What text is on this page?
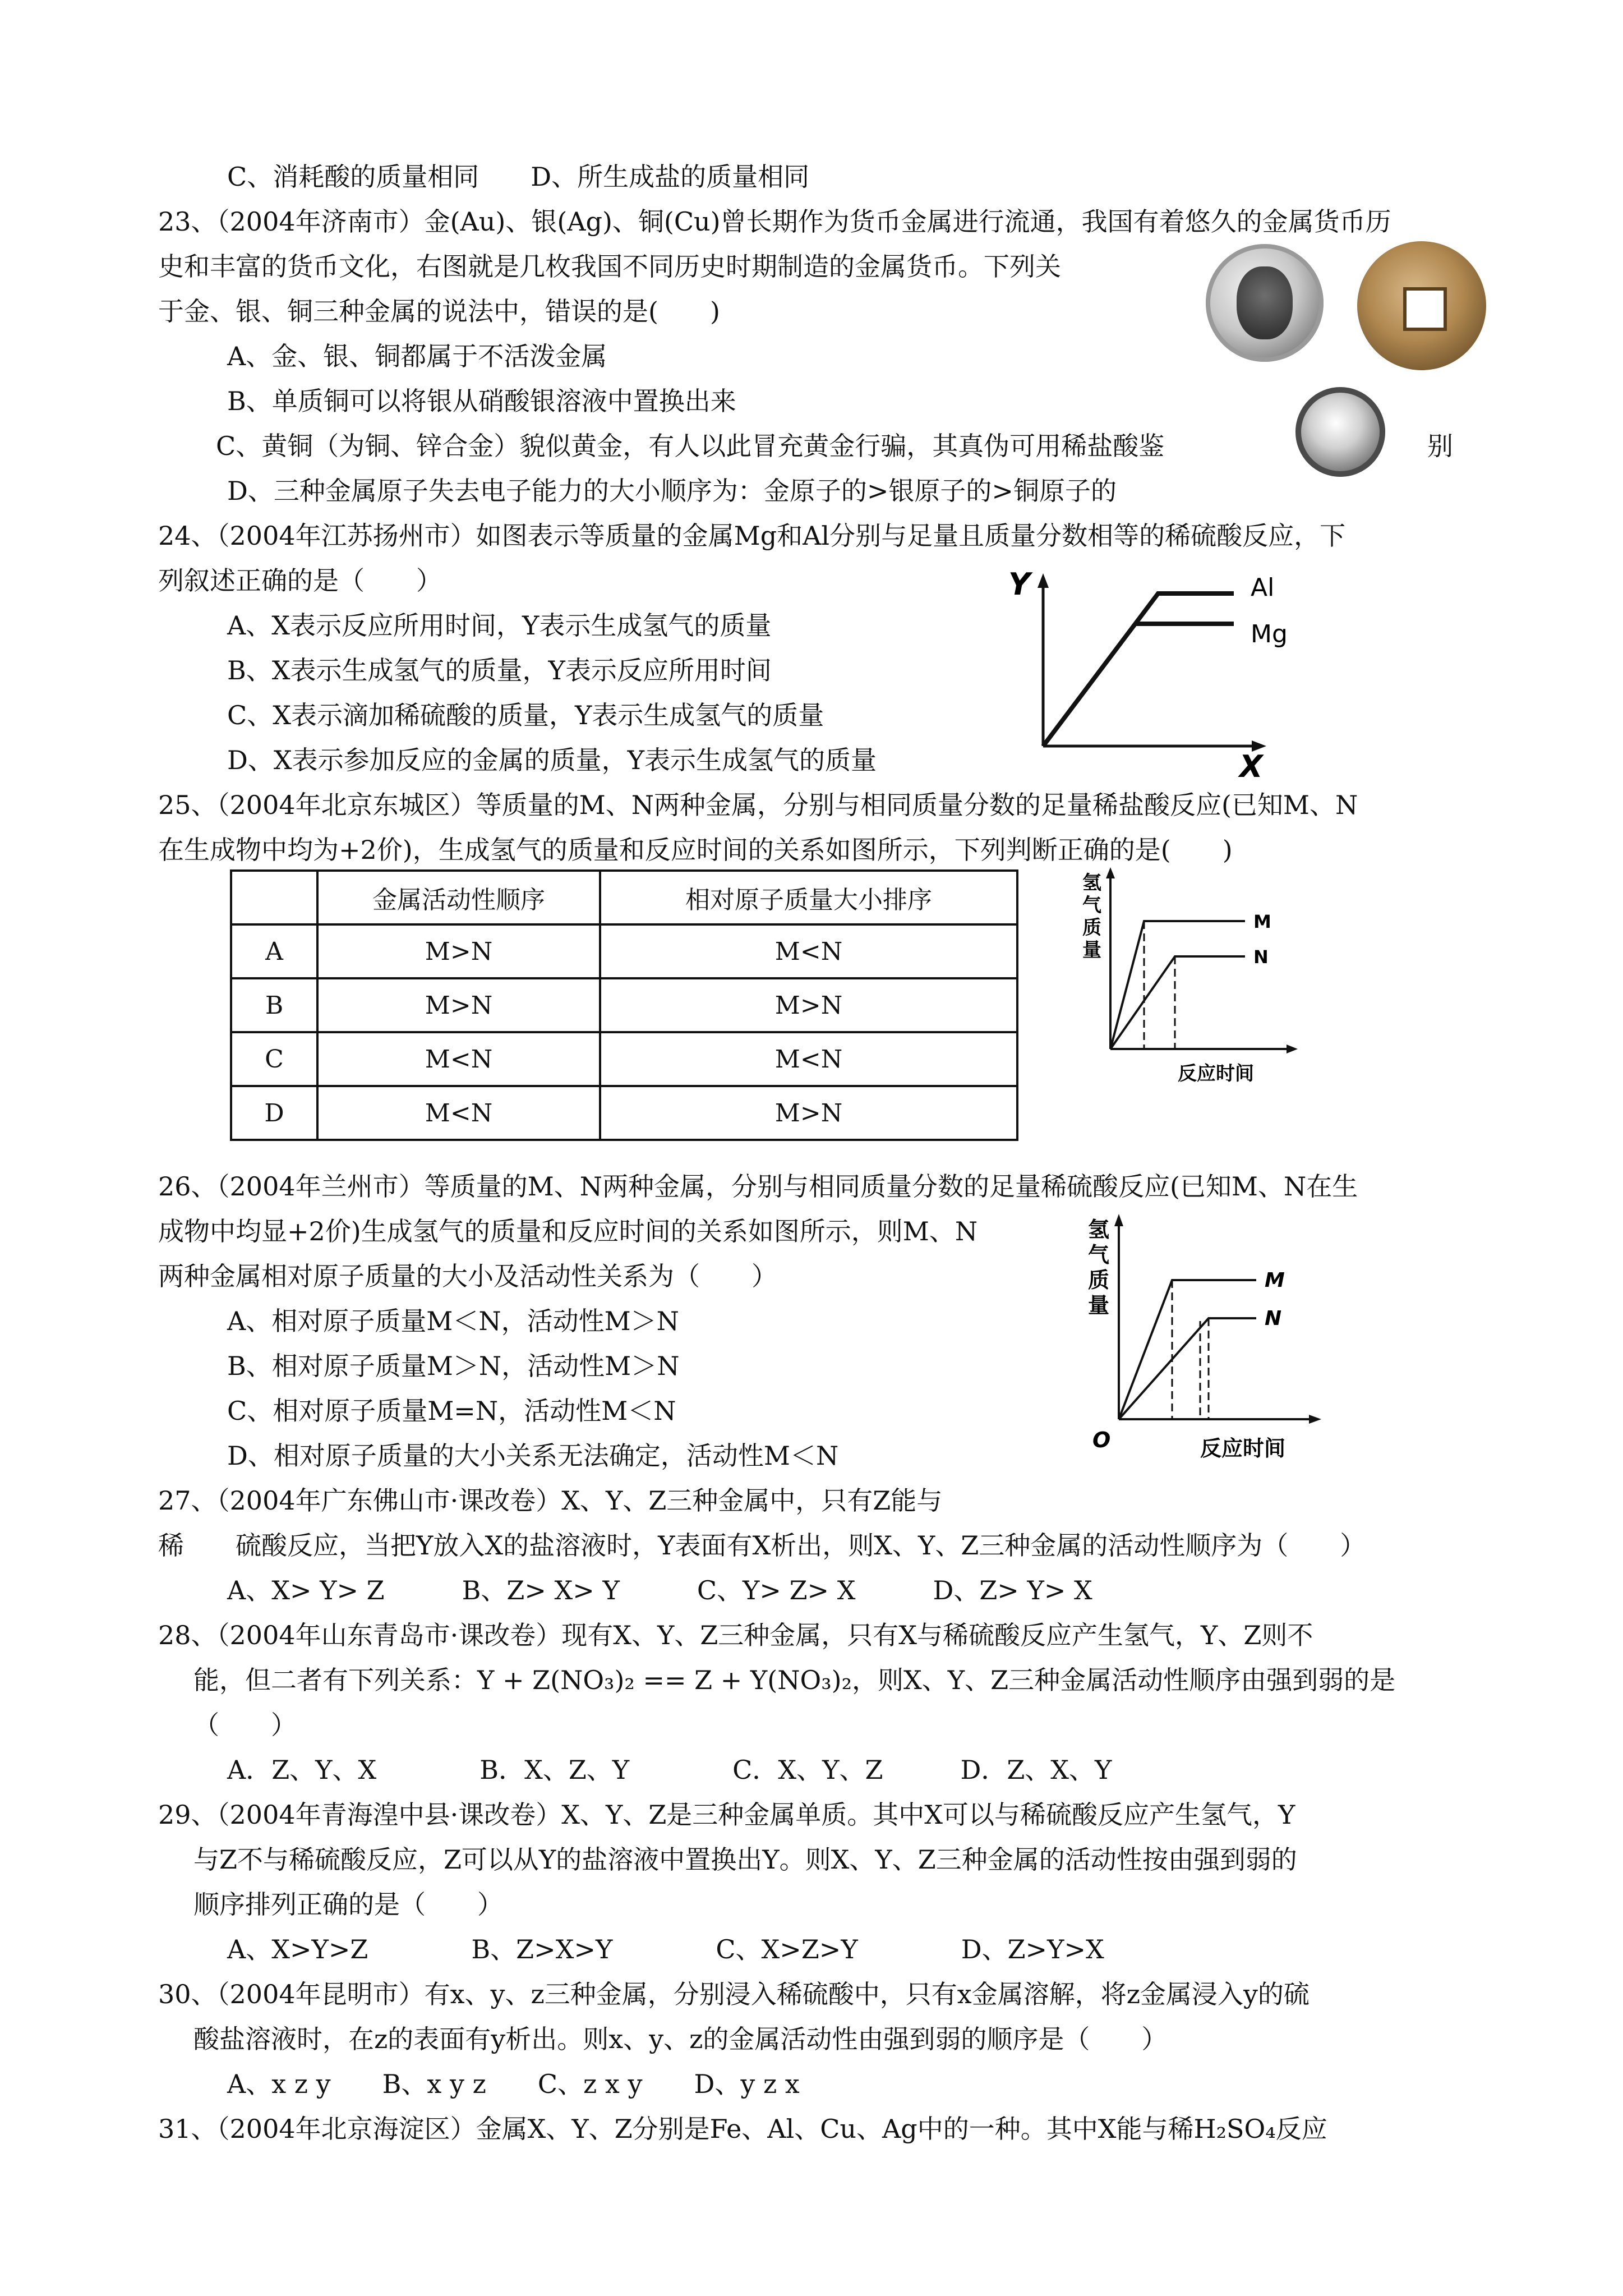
C、消耗酸的质量相同　　D、所生成盐的质量相同
23、（2004年济南市）金(Au)、银(Ag)、铜(Cu)曾长期作为货币金属进行流通，我国有着悠久的金属货币历
史和丰富的货币文化，右图就是几枚我国不同历史时期制造的金属货币。下列关
于金、银、铜三种金属的说法中，错误的是(　　)
A、金、银、铜都属于不活泼金属
B、单质铜可以将银从硝酸银溶液中置换出来
C、黄铜（为铜、锌合金）貌似黄金，有人以此冒充黄金行骗，其真伪可用稀盐酸鉴	别
D、三种金属原子失去电子能力的大小顺序为：金原子的>银原子的>铜原子的
24、（2004年江苏扬州市）如图表示等质量的金属Mg和Al分别与足量且质量分数相等的稀硫酸反应，下
列叙述正确的是（　　）
A、X表示反应所用时间，Y表示生成氢气的质量
B、X表示生成氢气的质量，Y表示反应所用时间
C、X表示滴加稀硫酸的质量，Y表示生成氢气的质量
D、X表示参加反应的金属的质量，Y表示生成氢气的质量
25、（2004年北京东城区）等质量的M、N两种金属，分别与相同质量分数的足量稀盐酸反应(已知M、N
在生成物中均为+2价)，生成氢气的质量和反应时间的关系如图所示，下列判断正确的是(　　)
26、（2004年兰州市）等质量的M、N两种金属，分别与相同质量分数的足量稀硫酸反应(已知M、N在生
成物中均显+2价)生成氢气的质量和反应时间的关系如图所示，则M、N
两种金属相对原子质量的大小及活动性关系为（　　）
A、相对原子质量M＜N，活动性M＞N
B、相对原子质量M＞N，活动性M＞N
C、相对原子质量M=N，活动性M＜N
D、相对原子质量的大小关系无法确定，活动性M＜N
27、（2004年广东佛山市·课改卷）X、Y、Z三种金属中，只有Z能与
稀　　硫酸反应，当把Y放入X的盐溶液时，Y表面有X析出，则X、Y、Z三种金属的活动性顺序为（　　）
A、X> Y> Z　　　B、Z> X> Y　　　C、Y> Z> X　　　D、Z> Y> X
28、（2004年山东青岛市·课改卷）现有X、Y、Z三种金属，只有X与稀硫酸反应产生氢气，Y、Z则不
能，但二者有下列关系：Y + Z(NO₃)₂ == Z + Y(NO₃)₂，则X、Y、Z三种金属活动性顺序由强到弱的是
（　　）
A．Z、Y、X　　　　B．X、Z、Y　　　　C．X、Y、Z　　　D．Z、X、Y
29、（2004年青海湟中县·课改卷）X、Y、Z是三种金属单质。其中X可以与稀硫酸反应产生氢气，Y
与Z不与稀硫酸反应，Z可以从Y的盐溶液中置换出Y。则X、Y、Z三种金属的活动性按由强到弱的
顺序排列正确的是（　　）
A、X>Y>Z　　　　B、Z>X>Y　　　　C、X>Z>Y　　　　D、Z>Y>X
30、（2004年昆明市）有x、y、z三种金属，分别浸入稀硫酸中，只有x金属溶解，将z金属浸入y的硫
酸盐溶液时，在z的表面有y析出。则x、y、z的金属活动性由强到弱的顺序是（　　）
A、x z y　　B、x y z　　C、z x y　　D、y z x
31、（2004年北京海淀区）金属X、Y、Z分别是Fe、Al、Cu、Ag中的一种。其中X能与稀H₂SO₄反应
Y
X
Al
Mg
	金属活动性顺序	相对原子质量大小排序
A	M>N	M<N
B	M>N	M>N
C	M<N	M<N
D	M<N	M>N
氢
气
质
量
反应时间
M
N
氢
气
质
量
O	反应时间
M
N
